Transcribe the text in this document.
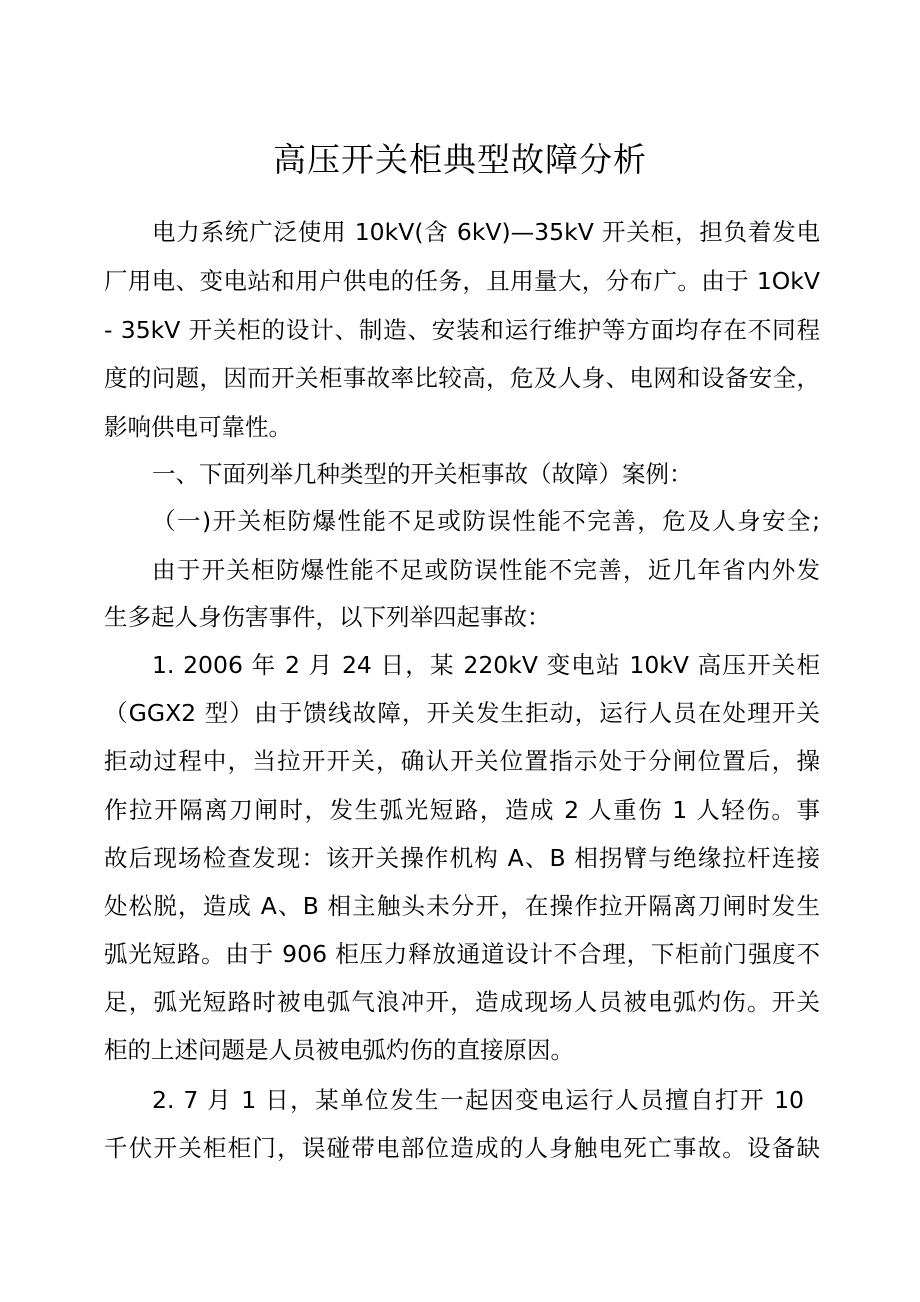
高压开关柜典型故障分析

电力系统广泛使用 10kV(含 6kV)—35kV 开关柜，担负着发电

厂用电、变电站和用户供电的任务，且用量大，分布广。由于 1OkV

- 35kV 开关柜的设计、制造、安装和运行维护等方面均存在不同程

度的问题，因而开关柜事故率比较高，危及人身、电网和设备安全，

影响供电可靠性。

一、下面列举几种类型的开关柜事故（故障）案例：

（一)开关柜防爆性能不足或防误性能不完善，危及人身安全;

由于开关柜防爆性能不足或防误性能不完善，近几年省内外发

生多起人身伤害事件，以下列举四起事故：

1. 2006 年 2 月 24 日，某 220kV 变电站 10kV 高压开关柜

（GGX2 型）由于馈线故障，开关发生拒动，运行人员在处理开关

拒动过程中，当拉开开关，确认开关位置指示处于分闸位置后，操

作拉开隔离刀闸时，发生弧光短路，造成 2 人重伤 1 人轻伤。事

故后现场检查发现：该开关操作机构 A、B 相拐臂与绝缘拉杆连接

处松脱，造成 A、B 相主触头未分开，在操作拉开隔离刀闸时发生

弧光短路。由于 906 柜压力释放通道设计不合理，下柜前门强度不

足，弧光短路时被电弧气浪冲开，造成现场人员被电弧灼伤。开关

柜的上述问题是人员被电弧灼伤的直接原因。

2. 7 月 1 日，某单位发生一起因变电运行人员擅自打开 10

千伏开关柜柜门，误碰带电部位造成的人身触电死亡事故。设备缺
